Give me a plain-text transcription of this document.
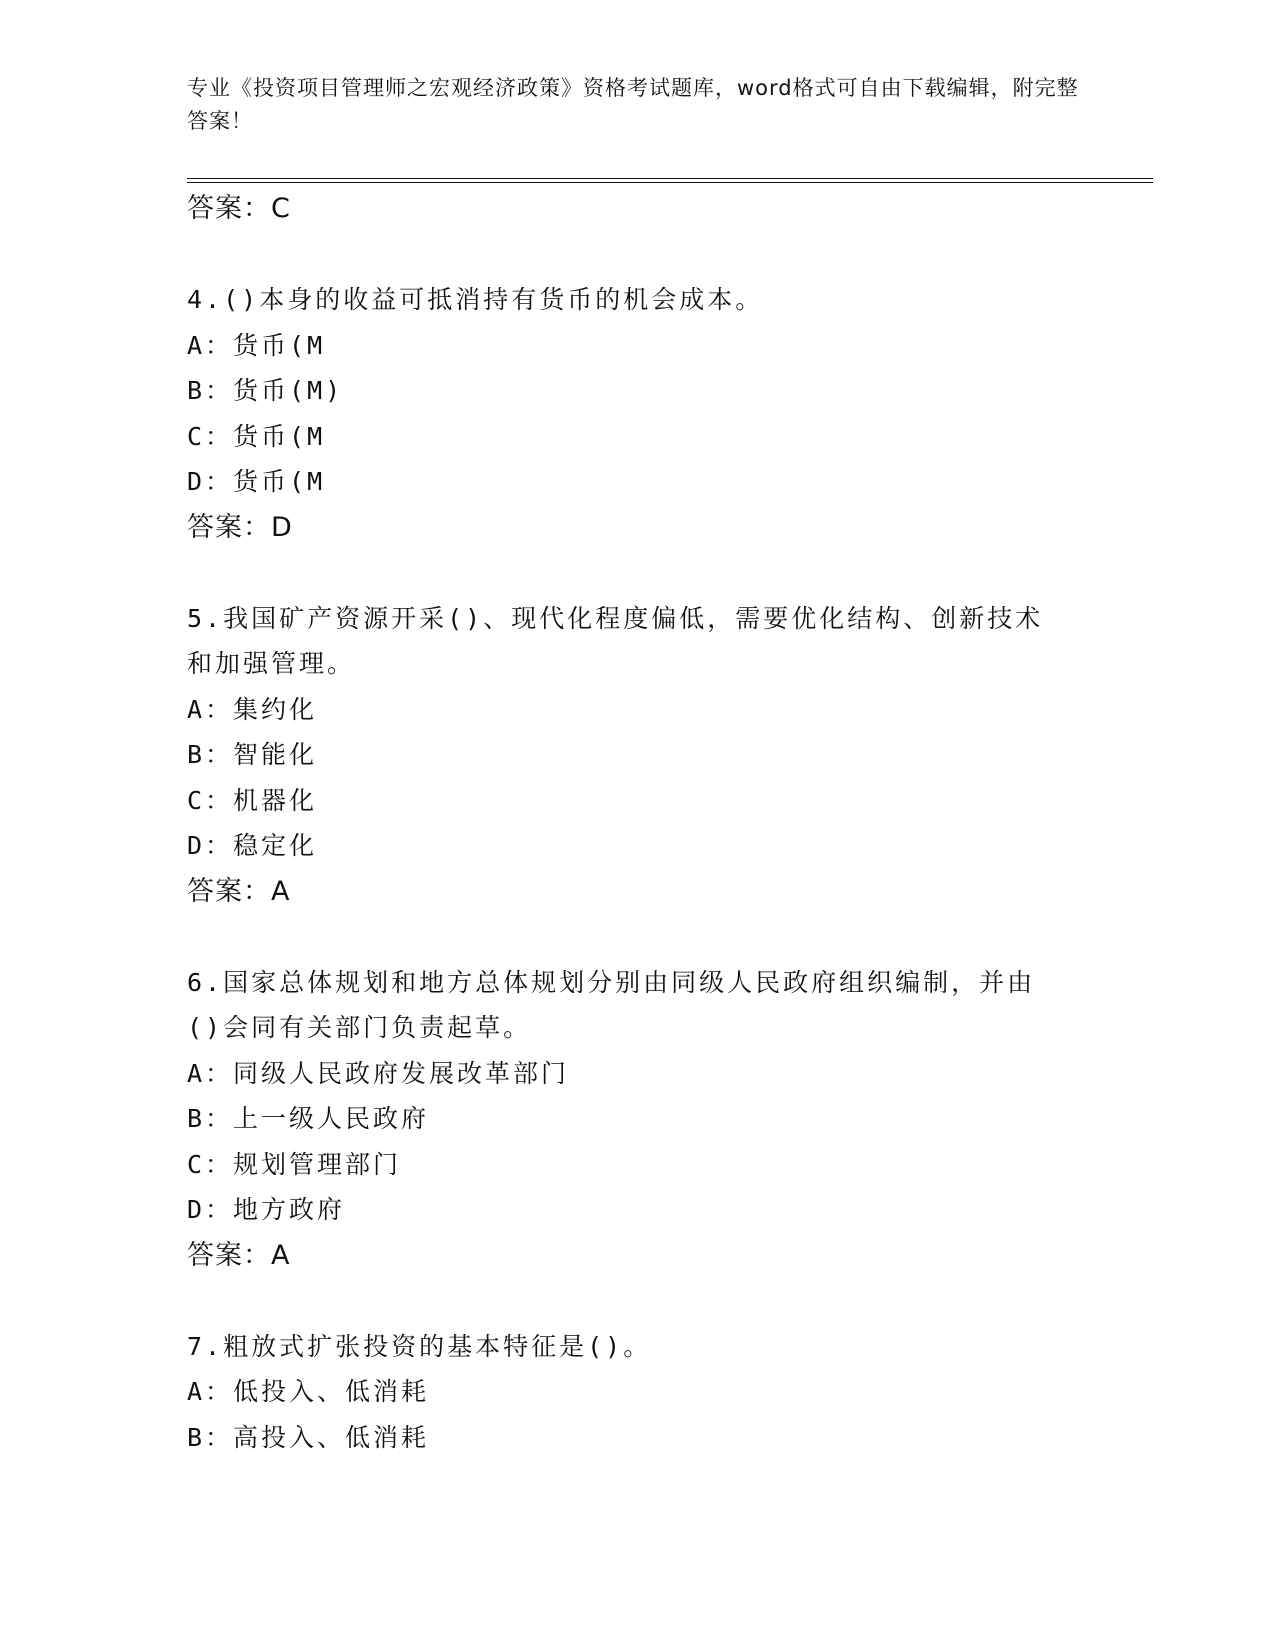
专业《投资项目管理师之宏观经济政策》资格考试题库，word格式可自由下载编辑，附完整答案！
答案：C
4.()本身的收益可抵消持有货币的机会成本。
A：货币(M
B：货币(M)
C：货币(M
D：货币(M
答案：D
5.我国矿产资源开采()、现代化程度偏低，需要优化结构、创新技术和加强管理。
A：集约化
B：智能化
C：机器化
D：稳定化
答案：A
6.国家总体规划和地方总体规划分别由同级人民政府组织编制，并由()会同有关部门负责起草。
A：同级人民政府发展改革部门
B：上一级人民政府
C：规划管理部门
D：地方政府
答案：A
7.粗放式扩张投资的基本特征是()。
A：低投入、低消耗
B：高投入、低消耗
